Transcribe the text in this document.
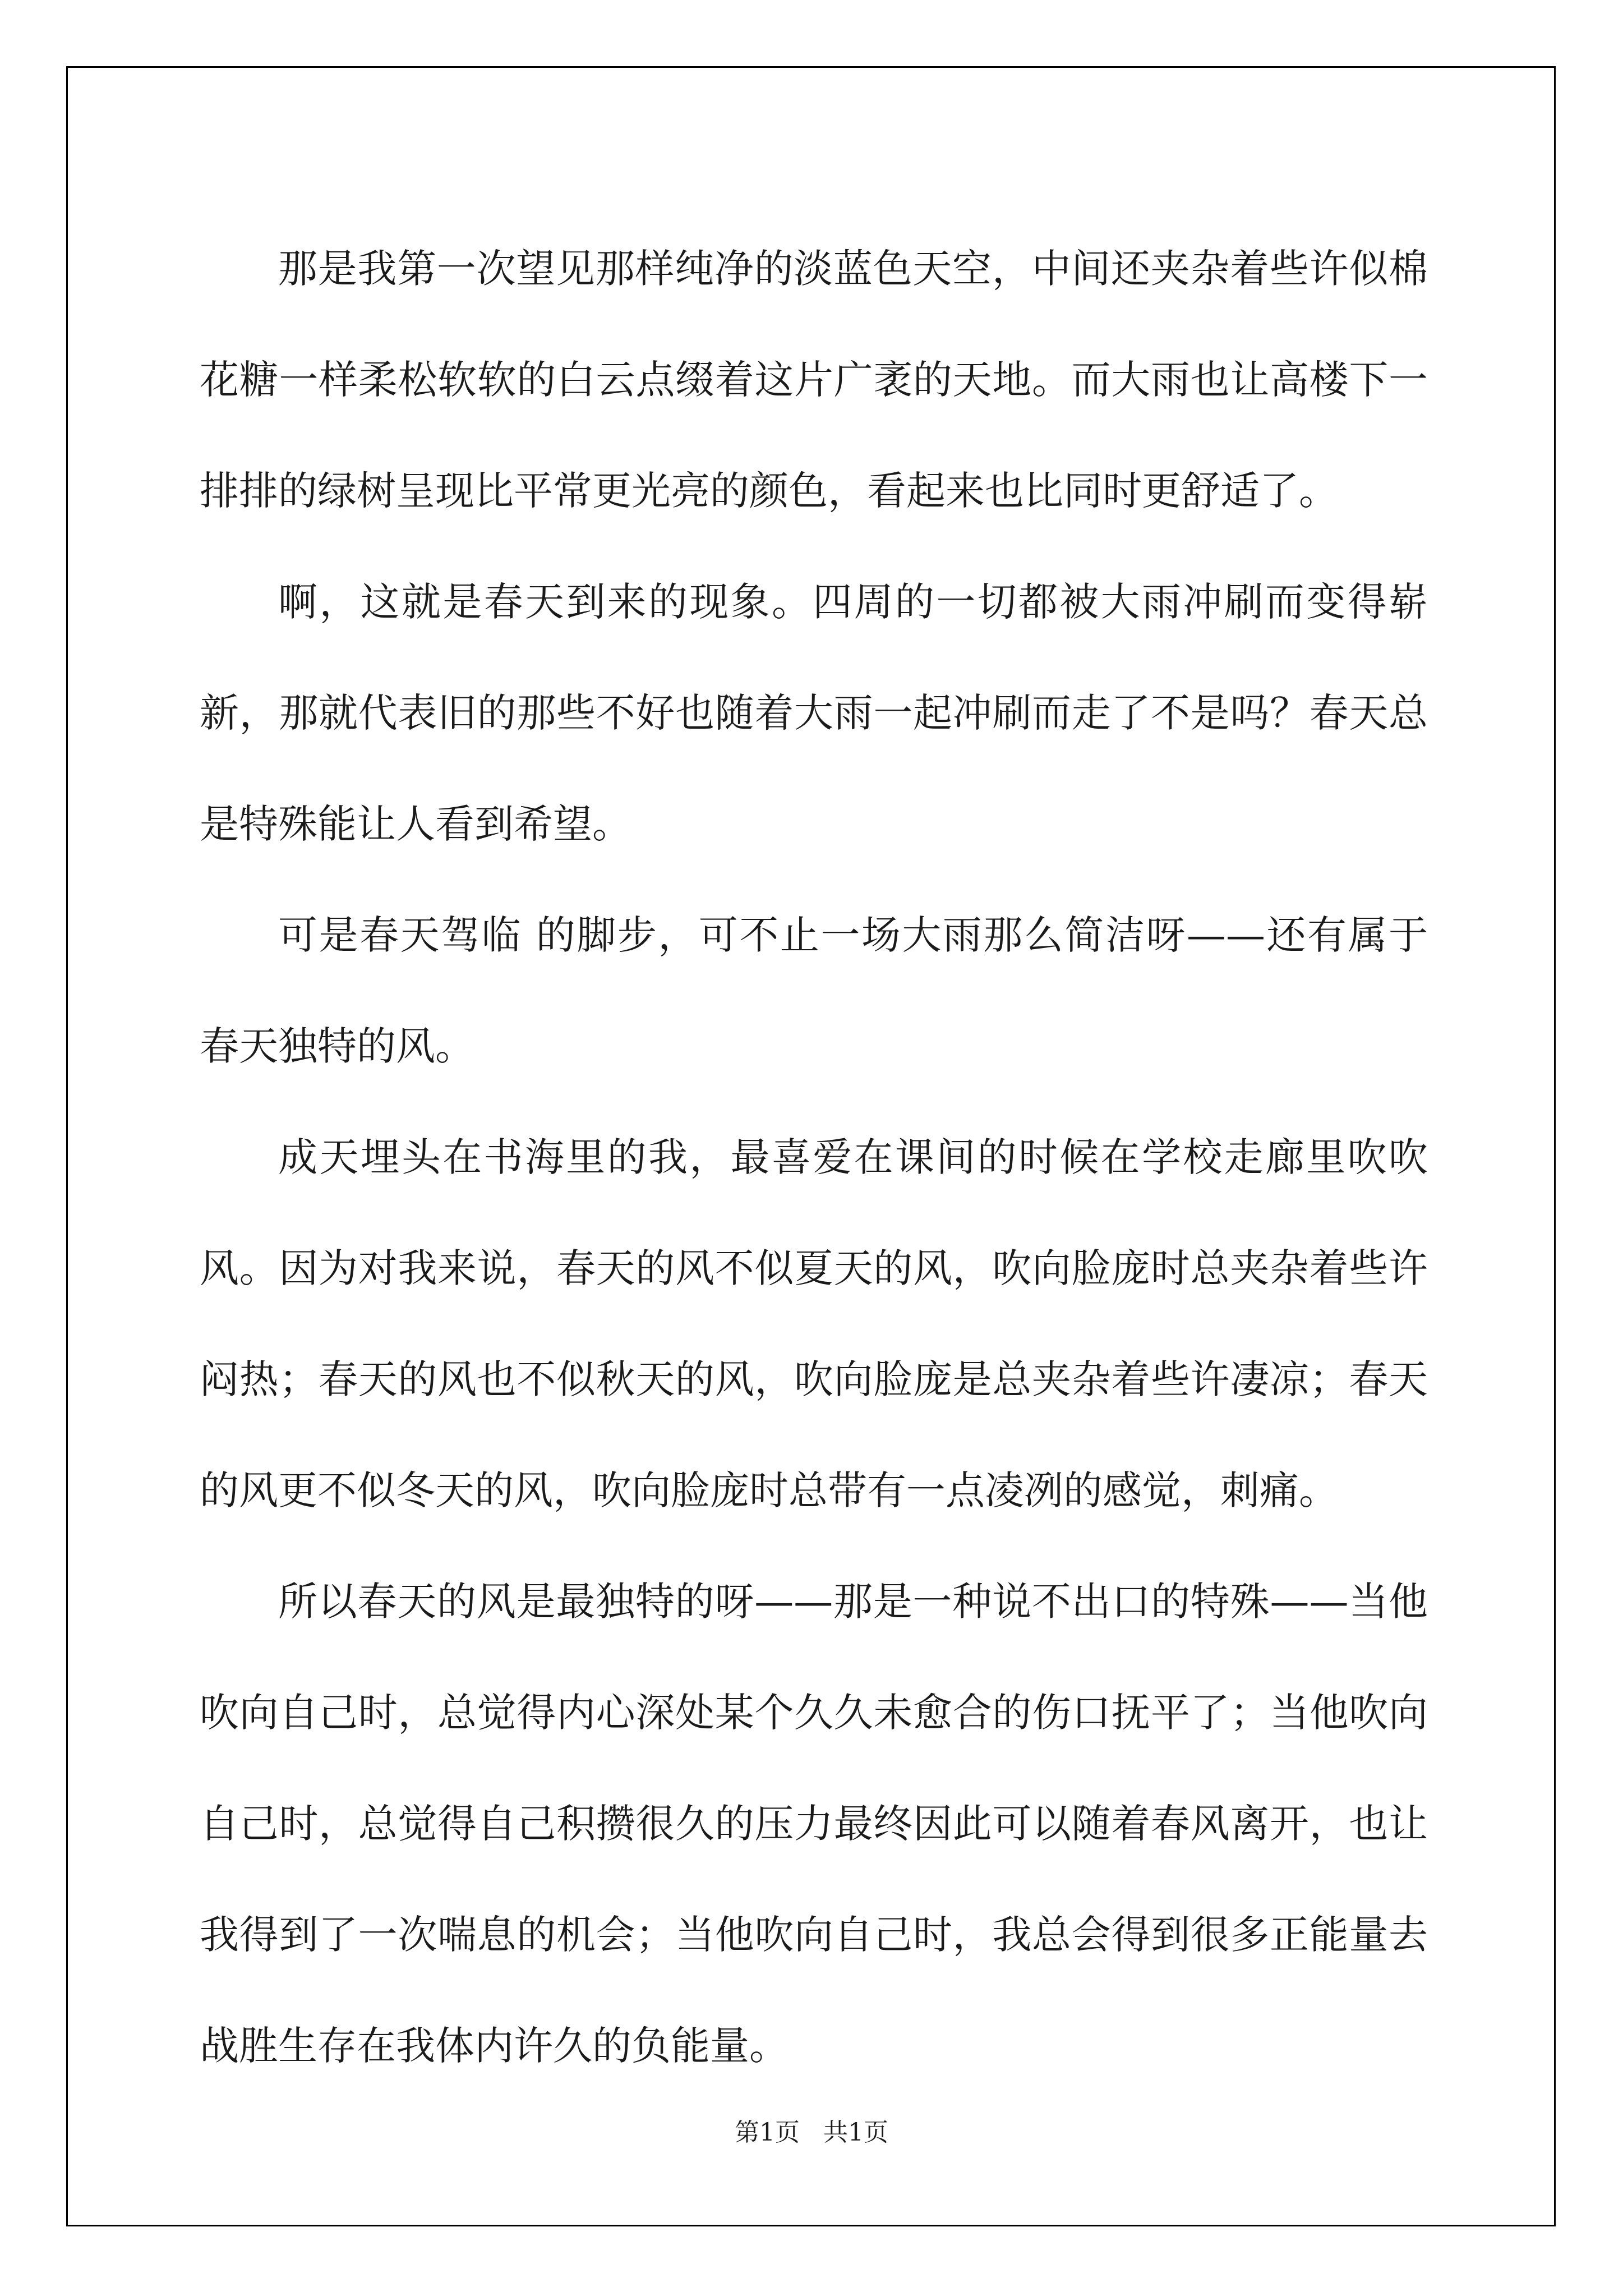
那是我第一次望见那样纯净的淡蓝色天空，中间还夹杂着些许似棉花糖一样柔松软软的白云点缀着这片广袤的天地。而大雨也让高楼下一排排的绿树呈现比平常更光亮的颜色，看起来也比同时更舒适了。

啊，这就是春天到来的现象。四周的一切都被大雨冲刷而变得崭新，那就代表旧的那些不好也随着大雨一起冲刷而走了不是吗？春天总是特殊能让人看到希望。

可是春天驾临 的脚步，可不止一场大雨那么简洁呀——还有属于春天独特的风。

成天埋头在书海里的我，最喜爱在课间的时候在学校走廊里吹吹风。因为对我来说，春天的风不似夏天的风，吹向脸庞时总夹杂着些许闷热；春天的风也不似秋天的风，吹向脸庞是总夹杂着些许凄凉；春天的风更不似冬天的风，吹向脸庞时总带有一点凌冽的感觉，刺痛。

所以春天的风是最独特的呀——那是一种说不出口的特殊——当他吹向自己时，总觉得内心深处某个久久未愈合的伤口抚平了；当他吹向自己时，总觉得自己积攒很久的压力最终因此可以随着春风离开，也让我得到了一次喘息的机会；当他吹向自己时，我总会得到很多正能量去战胜生存在我体内许久的负能量。

第1页   共1页
